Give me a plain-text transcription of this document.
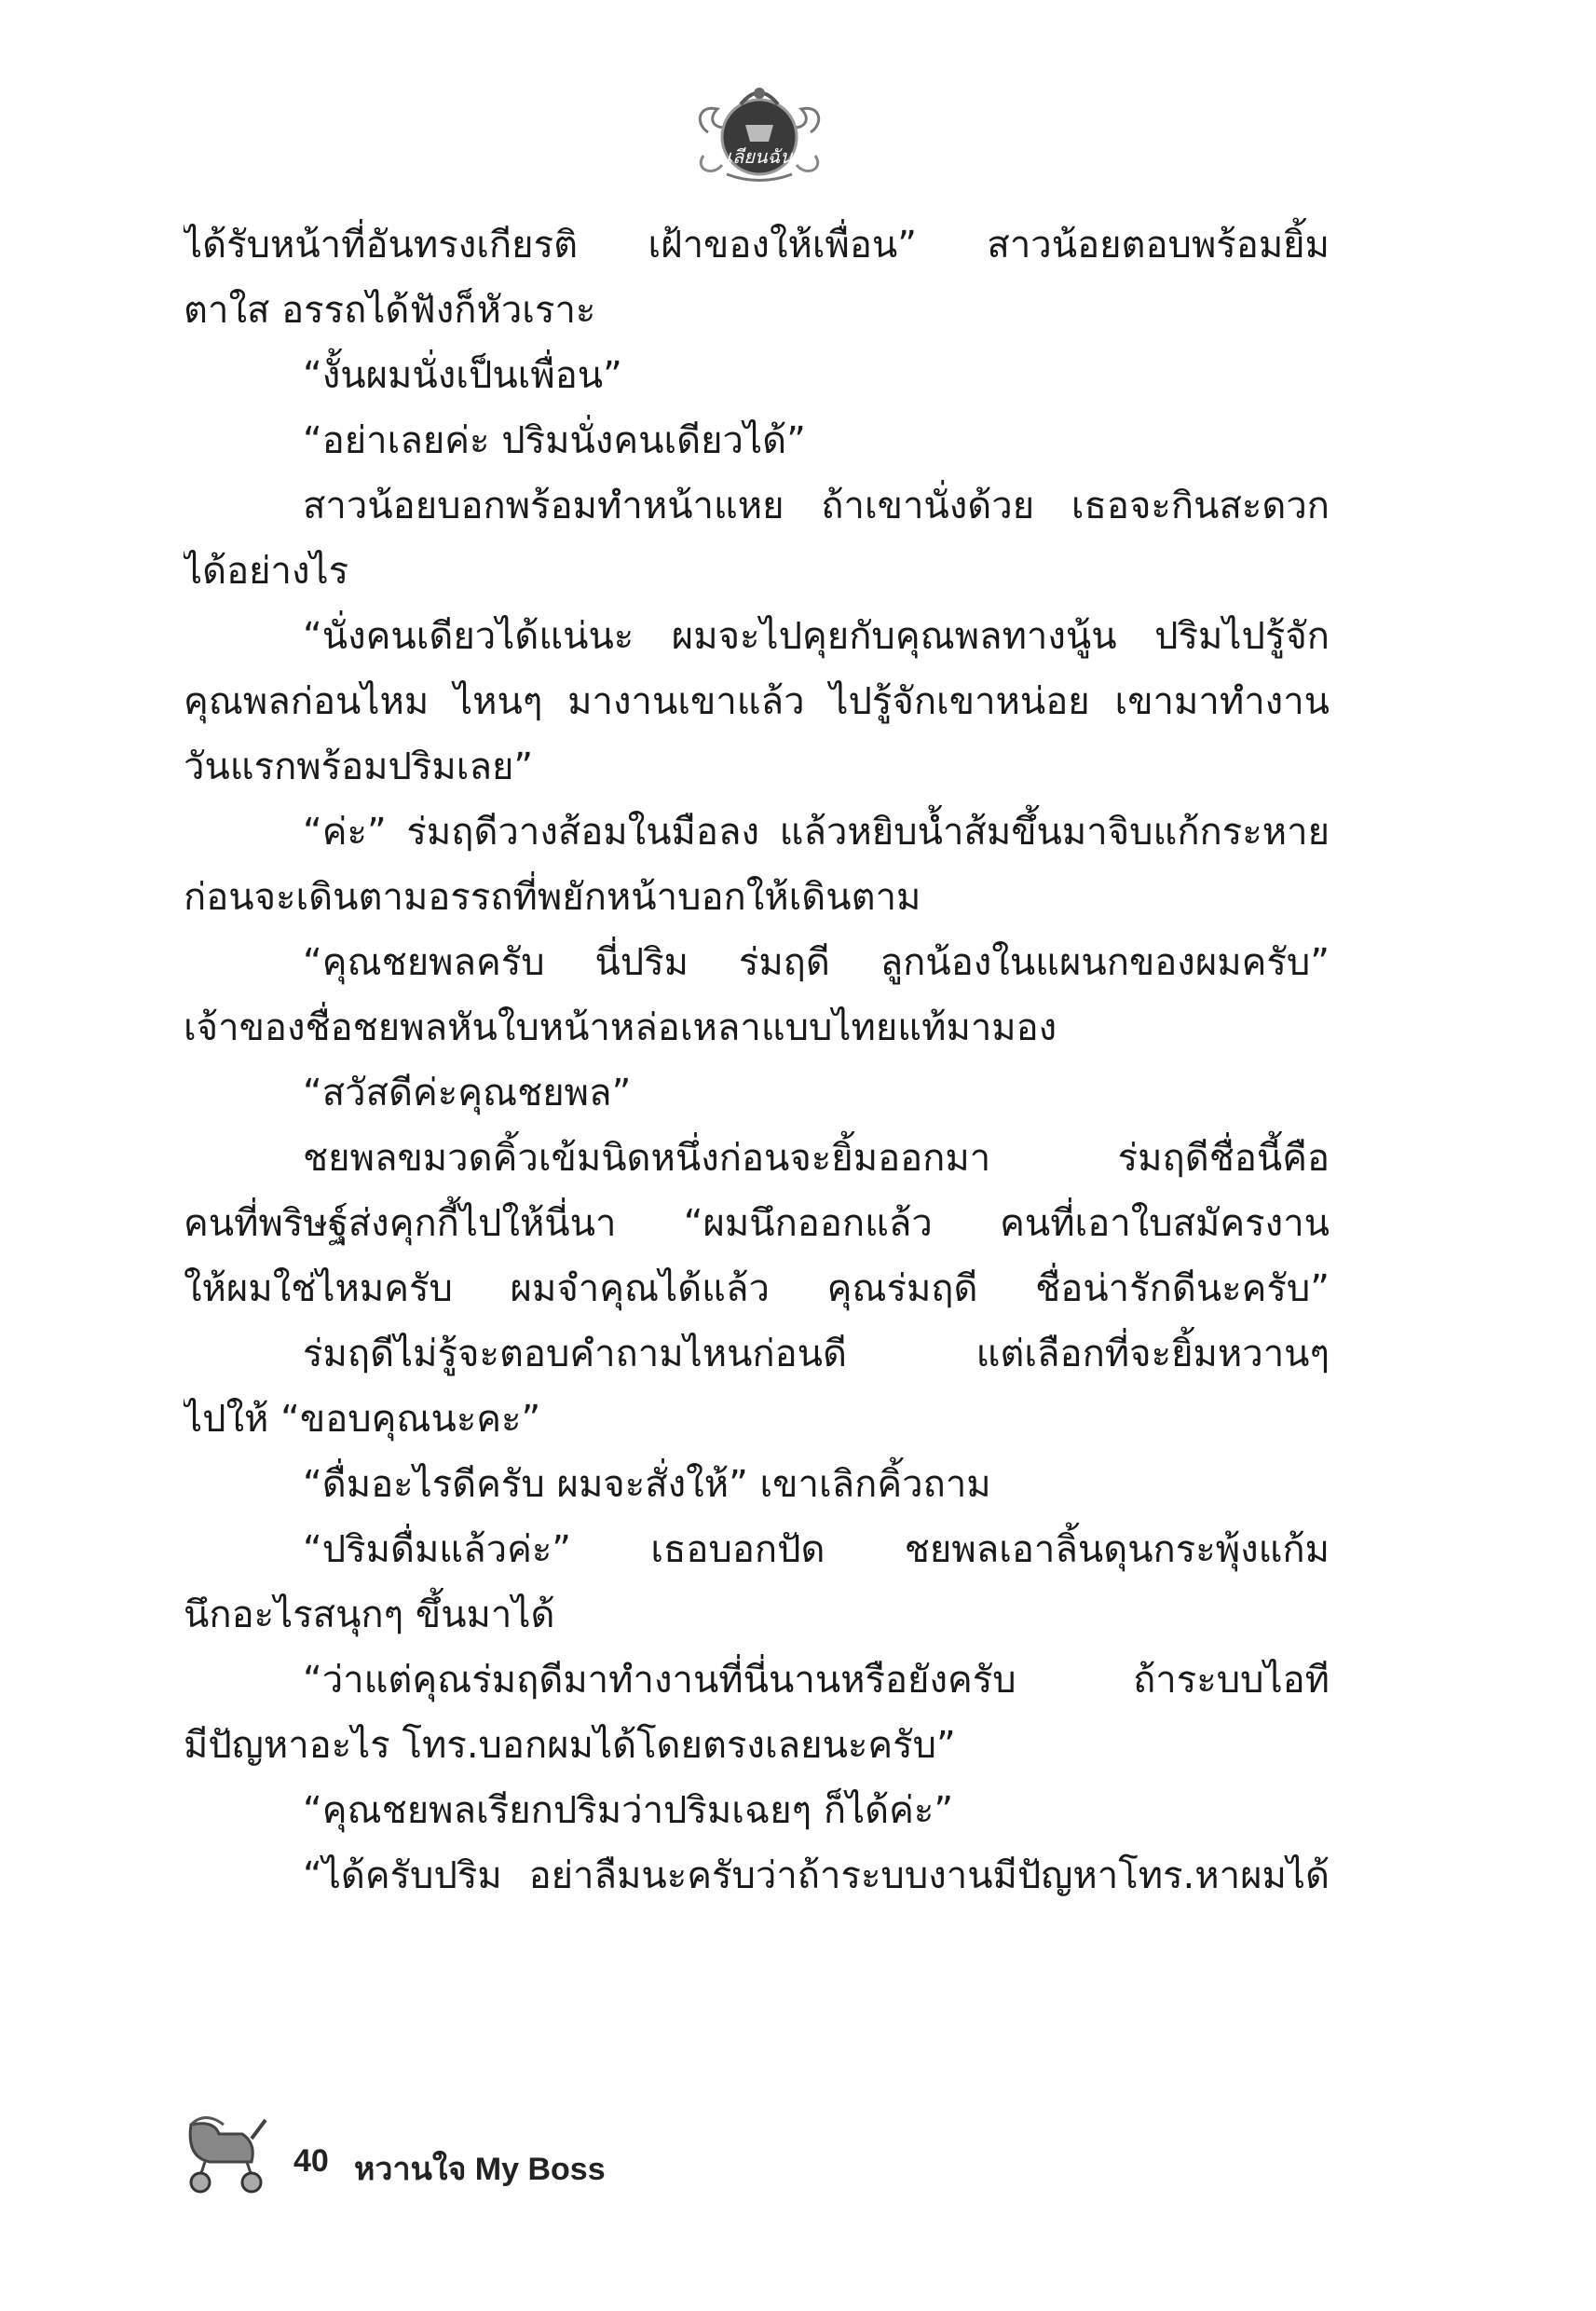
เลียนฉัน
ได้รับหน้าที่อันทรงเกียรติ เฝ้าของให้เพื่อน” สาวน้อยตอบพร้อมยิ้ม
ตาใส อรรถได้ฟังก็หัวเราะ
“งั้นผมนั่งเป็นเพื่อน”
“อย่าเลยค่ะ ปริมนั่งคนเดียวได้”
สาวน้อยบอกพร้อมทำหน้าแหย ถ้าเขานั่งด้วย เธอจะกินสะดวก
ได้อย่างไร
“นั่งคนเดียวได้แน่นะ ผมจะไปคุยกับคุณพลทางนู้น ปริมไปรู้จัก
คุณพลก่อนไหม ไหนๆ มางานเขาแล้ว ไปรู้จักเขาหน่อย เขามาทำงาน
วันแรกพร้อมปริมเลย”
“ค่ะ” ร่มฤดีวางส้อมในมือลง แล้วหยิบน้ำส้มขึ้นมาจิบแก้กระหาย
ก่อนจะเดินตามอรรถที่พยักหน้าบอกให้เดินตาม
“คุณชยพลครับ นี่ปริม ร่มฤดี ลูกน้องในแผนกของผมครับ”
เจ้าของชื่อชยพลหันใบหน้าหล่อเหลาแบบไทยแท้มามอง
“สวัสดีค่ะคุณชยพล”
ชยพลขมวดคิ้วเข้มนิดหนึ่งก่อนจะยิ้มออกมา ร่มฤดีชื่อนี้คือ
คนที่พริษฐ์ส่งคุกกี้ไปให้นี่นา “ผมนึกออกแล้ว คนที่เอาใบสมัครงาน
ให้ผมใช่ไหมครับ ผมจำคุณได้แล้ว คุณร่มฤดี ชื่อน่ารักดีนะครับ”
ร่มฤดีไม่รู้จะตอบคำถามไหนก่อนดี แต่เลือกที่จะยิ้มหวานๆ
ไปให้ “ขอบคุณนะคะ”
“ดื่มอะไรดีครับ ผมจะสั่งให้” เขาเลิกคิ้วถาม
“ปริมดื่มแล้วค่ะ” เธอบอกปัด ชยพลเอาลิ้นดุนกระพุ้งแก้ม
นึกอะไรสนุกๆ ขึ้นมาได้
“ว่าแต่คุณร่มฤดีมาทำงานที่นี่นานหรือยังครับ ถ้าระบบไอที
มีปัญหาอะไร โทร.บอกผมได้โดยตรงเลยนะครับ”
“คุณชยพลเรียกปริมว่าปริมเฉยๆ ก็ได้ค่ะ”
“ได้ครับปริม อย่าลืมนะครับว่าถ้าระบบงานมีปัญหาโทร.หาผมได้
40 หวานใจ My Boss
